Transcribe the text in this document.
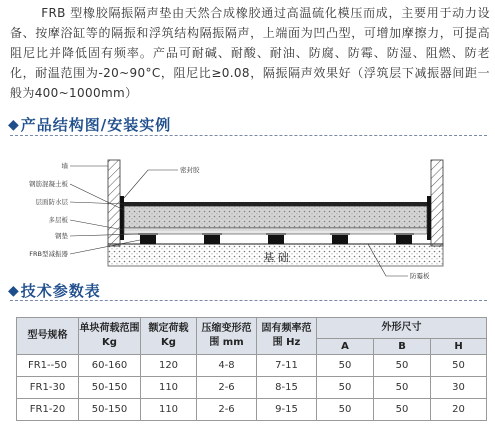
FRB 型橡胶隔振隔声垫由天然合成橡胶通过高温硫化模压而成，主要用于动力设备、按摩浴缸等的隔振和浮筑结构隔振隔声，上端面为凹凸型，可增加摩擦力，可提高阻尼比并降低固有频率。产品可耐碱、耐酸、耐油、防腐、防霉、防湿、阻燃、防老化，耐温范围为-20~90°C，阻尼比≥0.08，隔振隔声效果好（浮筑层下减振器间距一般为400~1000mm）

◆ 产品结构图/安装实例
墙
钢筋混凝土板
层面防水层
多层板
钢垫
FRB型减振器
密封胶
防霉板
基 础
◆ 技术参数表
型号规格	单块荷载范围 Kg	额定荷载 Kg	压缩变形范围 mm	固有频率范围 Hz	外形尺寸		
					A	B	H
FR1--50	60-160	120	4-8	7-11	50	50	50
FR1-30	50-150	110	2-6	8-15	50	50	30
FR1-20	50-150	110	2-6	9-15	50	50	20
